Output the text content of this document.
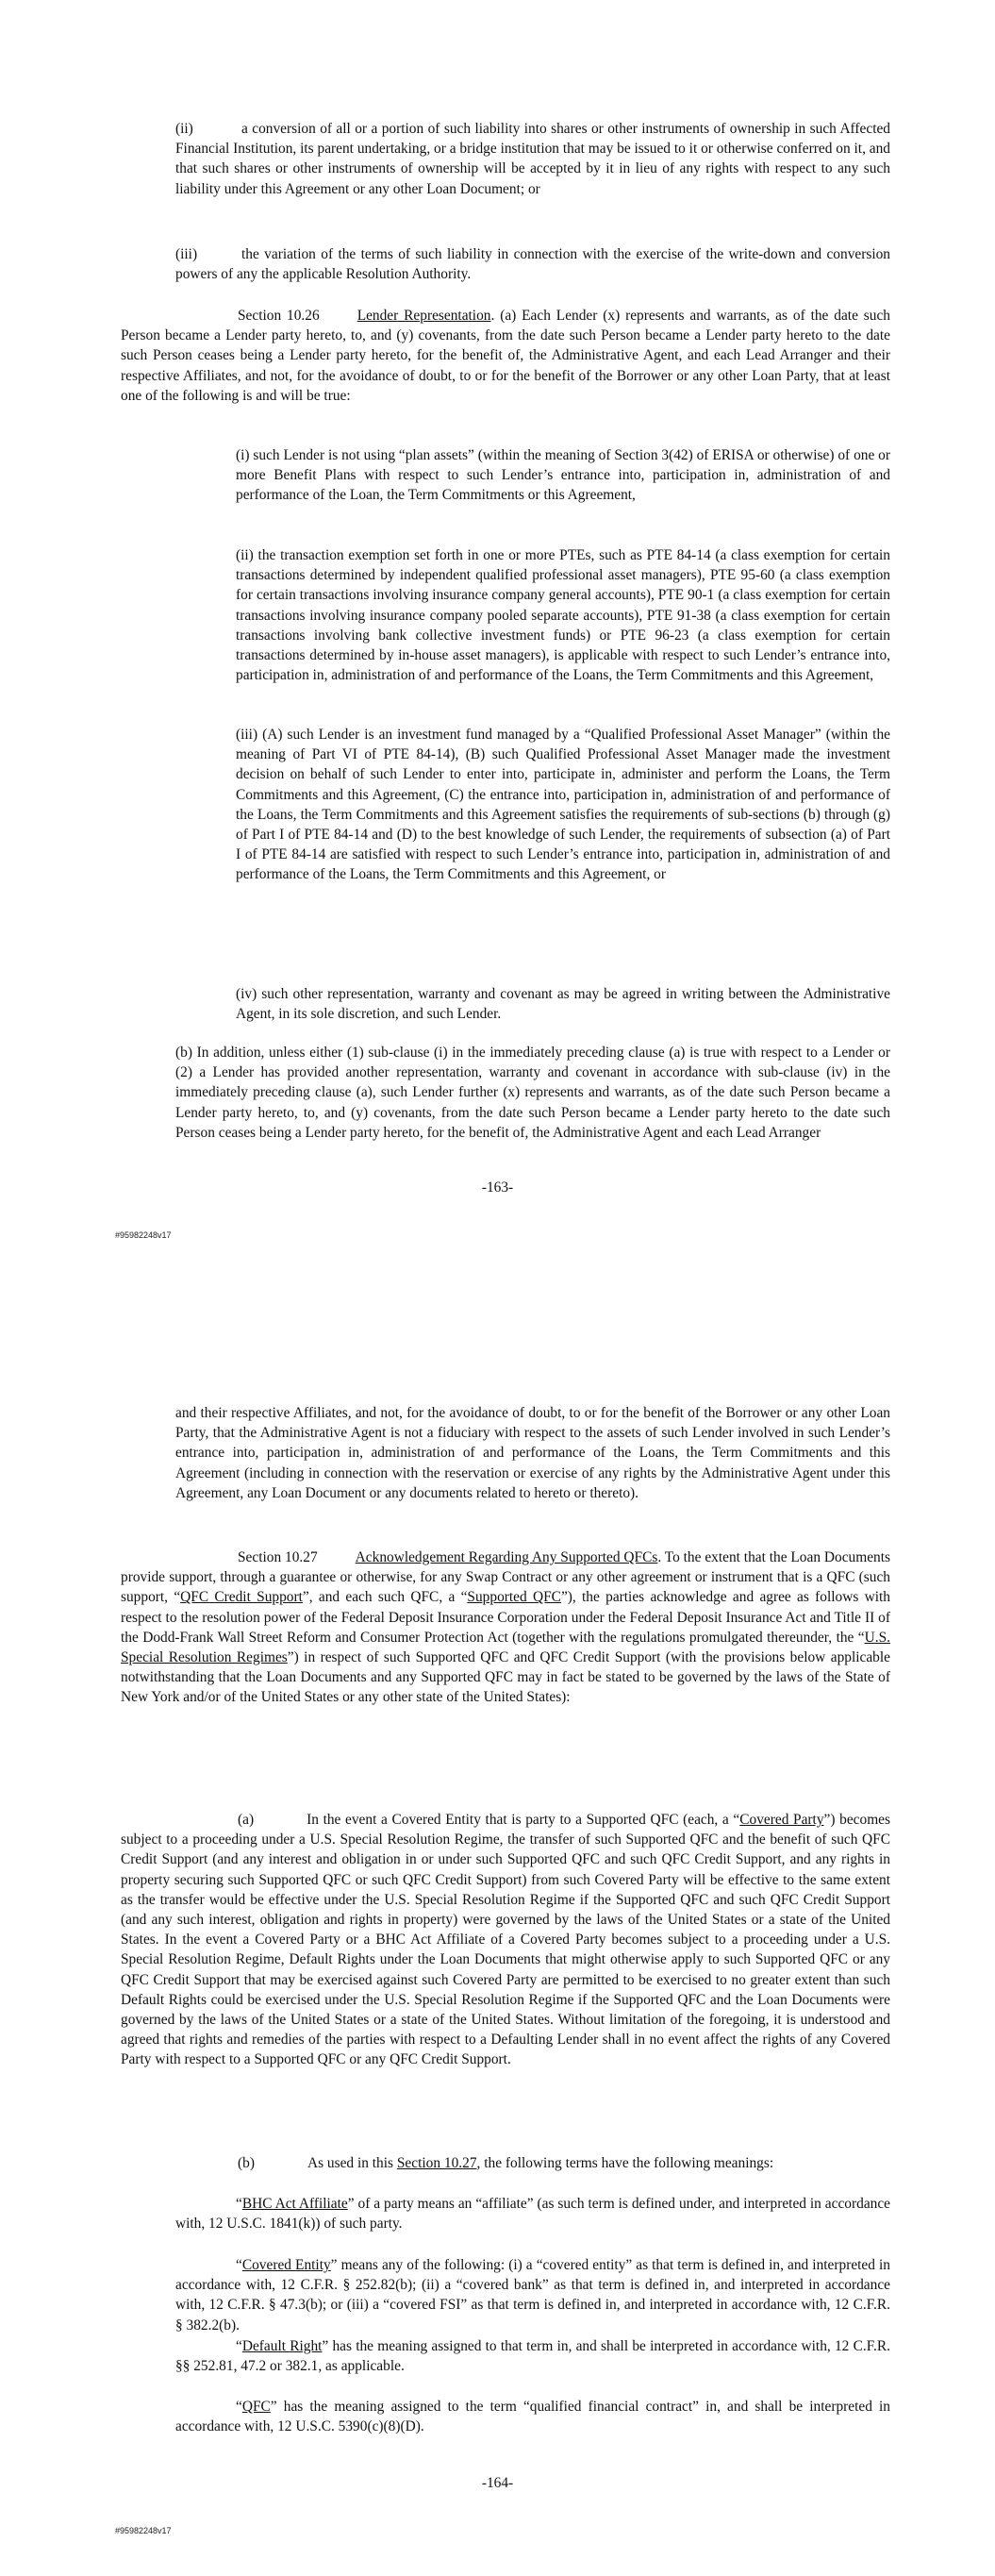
(ii)	a conversion of all or a portion of such liability into shares or other instruments of ownership in such Affected Financial Institution, its parent undertaking, or a bridge institution that may be issued to it or otherwise conferred on it, and that such shares or other instruments of ownership will be accepted by it in lieu of any rights with respect to any such liability under this Agreement or any other Loan Document; or

(iii)	the variation of the terms of such liability in connection with the exercise of the write-down and conversion powers of any the applicable Resolution Authority.

Section 10.26	Lender Representation. (a) Each Lender (x) represents and warrants, as of the date such Person became a Lender party hereto, to, and (y) covenants, from the date such Person became a Lender party hereto to the date such Person ceases being a Lender party hereto, for the benefit of, the Administrative Agent, and each Lead Arranger and their respective Affiliates, and not, for the avoidance of doubt, to or for the benefit of the Borrower or any other Loan Party, that at least one of the following is and will be true:

(i) such Lender is not using “plan assets” (within the meaning of Section 3(42) of ERISA or otherwise) of one or more Benefit Plans with respect to such Lender’s entrance into, participation in, administration of and performance of the Loan, the Term Commitments or this Agreement,

(ii) the transaction exemption set forth in one or more PTEs, such as PTE 84-14 (a class exemption for certain transactions determined by independent qualified professional asset managers), PTE 95-60 (a class exemption for certain transactions involving insurance company general accounts), PTE 90-1 (a class exemption for certain transactions involving insurance company pooled separate accounts), PTE 91-38 (a class exemption for certain transactions involving bank collective investment funds) or PTE 96-23 (a class exemption for certain transactions determined by in-house asset managers), is applicable with respect to such Lender’s entrance into, participation in, administration of and performance of the Loans, the Term Commitments and this Agreement,

(iii) (A) such Lender is an investment fund managed by a “Qualified Professional Asset Manager” (within the meaning of Part VI of PTE 84-14), (B) such Qualified Professional Asset Manager made the investment decision on behalf of such Lender to enter into, participate in, administer and perform the Loans, the Term Commitments and this Agreement, (C) the entrance into, participation in, administration of and performance of the Loans, the Term Commitments and this Agreement satisfies the requirements of sub-sections (b) through (g) of Part I of PTE 84-14 and (D) to the best knowledge of such Lender, the requirements of subsection (a) of Part I of PTE 84-14 are satisfied with respect to such Lender’s entrance into, participation in, administration of and performance of the Loans, the Term Commitments and this Agreement, or

(iv) such other representation, warranty and covenant as may be agreed in writing between the Administrative Agent, in its sole discretion, and such Lender.

(b) In addition, unless either (1) sub-clause (i) in the immediately preceding clause (a) is true with respect to a Lender or (2) a Lender has provided another representation, warranty and covenant in accordance with sub-clause (iv) in the immediately preceding clause (a), such Lender further (x) represents and warrants, as of the date such Person became a Lender party hereto, to, and (y) covenants, from the date such Person became a Lender party hereto to the date such Person ceases being a Lender party hereto, for the benefit of, the Administrative Agent and each Lead Arranger

-163-
#95982248v17

and their respective Affiliates, and not, for the avoidance of doubt, to or for the benefit of the Borrower or any other Loan Party, that the Administrative Agent is not a fiduciary with respect to the assets of such Lender involved in such Lender’s entrance into, participation in, administration of and performance of the Loans, the Term Commitments and this Agreement (including in connection with the reservation or exercise of any rights by the Administrative Agent under this Agreement, any Loan Document or any documents related to hereto or thereto).

Section 10.27	Acknowledgement Regarding Any Supported QFCs. To the extent that the Loan Documents provide support, through a guarantee or otherwise, for any Swap Contract or any other agreement or instrument that is a QFC (such support, “QFC Credit Support”, and each such QFC, a “Supported QFC”), the parties acknowledge and agree as follows with respect to the resolution power of the Federal Deposit Insurance Corporation under the Federal Deposit Insurance Act and Title II of the Dodd-Frank Wall Street Reform and Consumer Protection Act (together with the regulations promulgated thereunder, the “U.S. Special Resolution Regimes”) in respect of such Supported QFC and QFC Credit Support (with the provisions below applicable notwithstanding that the Loan Documents and any Supported QFC may in fact be stated to be governed by the laws of the State of New York and/or of the United States or any other state of the United States):

(a)	In the event a Covered Entity that is party to a Supported QFC (each, a “Covered Party”) becomes subject to a proceeding under a U.S. Special Resolution Regime, the transfer of such Supported QFC and the benefit of such QFC Credit Support (and any interest and obligation in or under such Supported QFC and such QFC Credit Support, and any rights in property securing such Supported QFC or such QFC Credit Support) from such Covered Party will be effective to the same extent as the transfer would be effective under the U.S. Special Resolution Regime if the Supported QFC and such QFC Credit Support (and any such interest, obligation and rights in property) were governed by the laws of the United States or a state of the United States. In the event a Covered Party or a BHC Act Affiliate of a Covered Party becomes subject to a proceeding under a U.S. Special Resolution Regime, Default Rights under the Loan Documents that might otherwise apply to such Supported QFC or any QFC Credit Support that may be exercised against such Covered Party are permitted to be exercised to no greater extent than such Default Rights could be exercised under the U.S. Special Resolution Regime if the Supported QFC and the Loan Documents were governed by the laws of the United States or a state of the United States. Without limitation of the foregoing, it is understood and agreed that rights and remedies of the parties with respect to a Defaulting Lender shall in no event affect the rights of any Covered Party with respect to a Supported QFC or any QFC Credit Support.

(b)	As used in this Section 10.27, the following terms have the following meanings:

“BHC Act Affiliate” of a party means an “affiliate” (as such term is defined under, and interpreted in accordance with, 12 U.S.C. 1841(k)) of such party.

“Covered Entity” means any of the following: (i) a “covered entity” as that term is defined in, and interpreted in accordance with, 12 C.F.R. § 252.82(b); (ii) a “covered bank” as that term is defined in, and interpreted in accordance with, 12 C.F.R. § 47.3(b); or (iii) a “covered FSI” as that term is defined in, and interpreted in accordance with, 12 C.F.R. § 382.2(b).

“Default Right” has the meaning assigned to that term in, and shall be interpreted in accordance with, 12 C.F.R. §§ 252.81, 47.2 or 382.1, as applicable.

“QFC” has the meaning assigned to the term “qualified financial contract” in, and shall be interpreted in accordance with, 12 U.S.C. 5390(c)(8)(D).

-164-
#95982248v17
